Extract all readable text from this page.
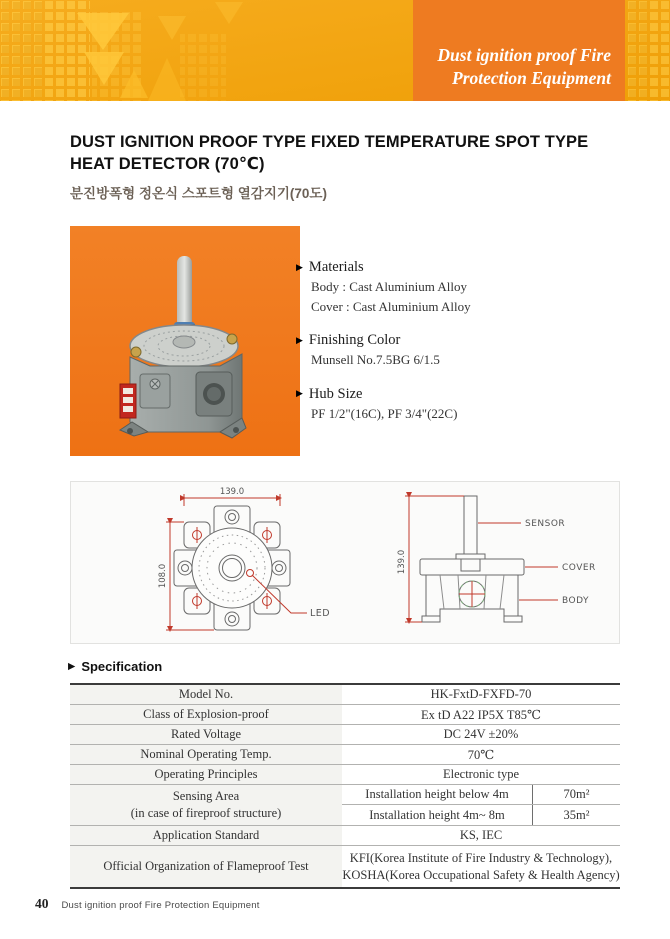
Dust ignition proof Fire
Protection Equipment
DUST IGNITION PROOF TYPE FIXED TEMPERATURE SPOT TYPE
HEAT DETECTOR (70℃)
분진방폭형 정온식 스포트형 열감지기(70도)
▶ Materials
Body : Cast Aluminium Alloy
Cover : Cast Aluminium Alloy
▶ Finishing Color
Munsell No.7.5BG 6/1.5
▶ Hub Size
PF 1/2"(16C), PF 3/4"(22C)
139.0
108.0
LED
139.0
SENSOR
COVER
BODY
▶ Specification
Model No.	HK-FxtD-FXFD-70
Class of Explosion-proof	Ex tD A22 IP5X T85℃
Rated Voltage	DC 24V ±20%
Nominal Operating Temp.	70℃
Operating Principles	Electronic type
Sensing Area
(in case of fireproof structure)
Installation height below 4m	70m²
Installation height 4m~ 8m	35m²
Application Standard	KS, IEC
Official Organization of Flameproof Test
KFI(Korea Institute of Fire Industry & Technology),
KOSHA(Korea Occupational Safety & Health Agency)
40 Dust ignition proof Fire Protection Equipment
